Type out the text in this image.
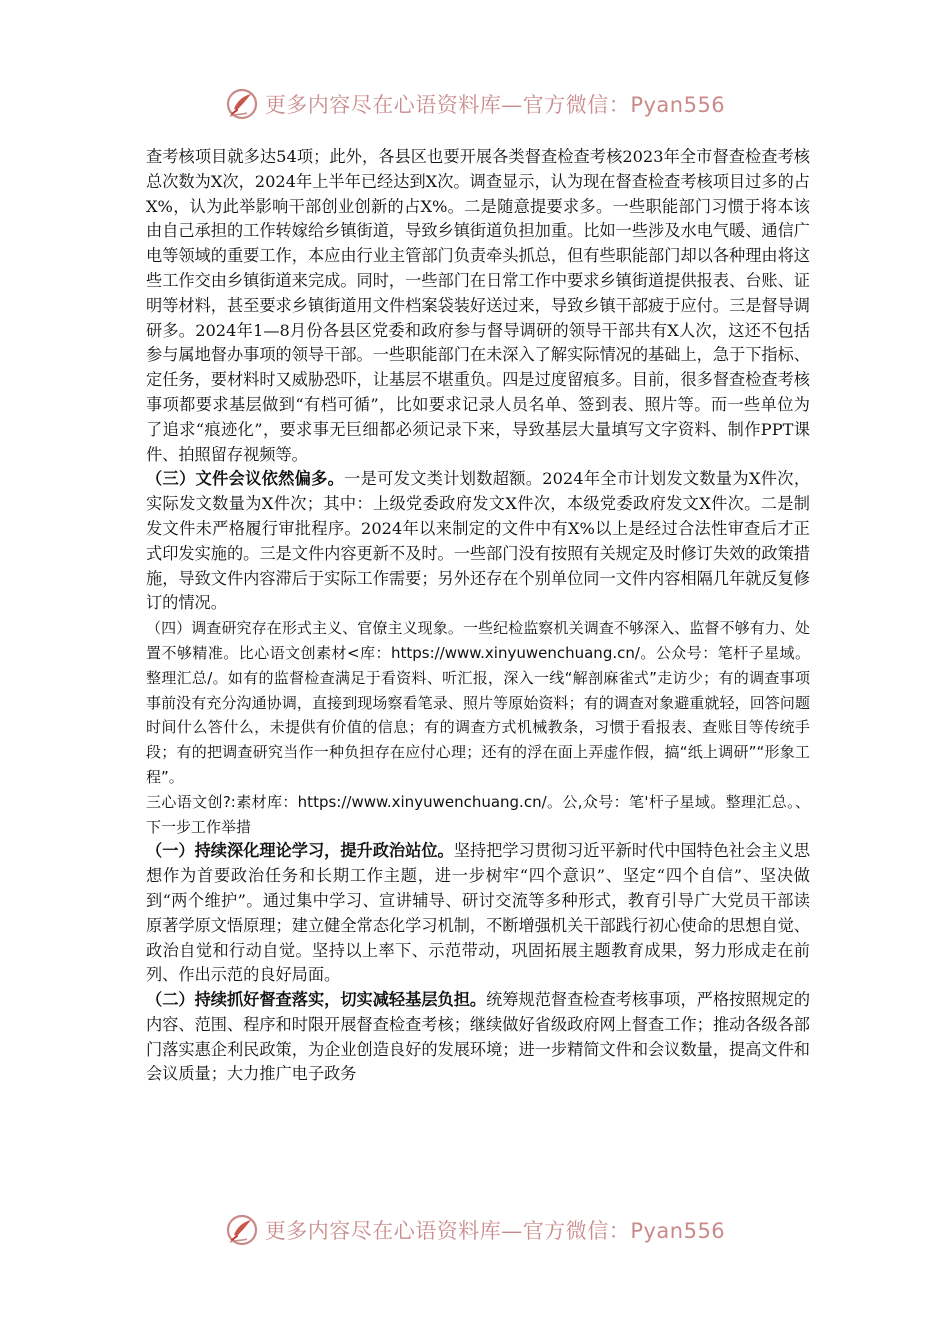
更多内容尽在心语资料库—官方微信：Pyan556

查考核项目就多达54项；此外，各县区也要开展各类督查检查考核2023年全市督查检查考核总次数为X次，2024年上半年已经达到X次。调查显示，认为现在督查检查考核项目过多的占X%，认为此举影响干部创业创新的占X%。二是随意提要求多。一些职能部门习惯于将本该由自己承担的工作转嫁给乡镇街道，导致乡镇街道负担加重。比如一些涉及水电气暖、通信广电等领域的重要工作，本应由行业主管部门负责牵头抓总，但有些职能部门却以各种理由将这些工作交由乡镇街道来完成。同时，一些部门在日常工作中要求乡镇街道提供报表、台账、证明等材料，甚至要求乡镇街道用文件档案袋装好送过来，导致乡镇干部疲于应付。三是督导调研多。2024年1—8月份各县区党委和政府参与督导调研的领导干部共有X人次，这还不包括参与属地督办事项的领导干部。一些职能部门在未深入了解实际情况的基础上，急于下指标、定任务，要材料时又威胁恐吓，让基层不堪重负。四是过度留痕多。目前，很多督查检查考核事项都要求基层做到“有档可循”，比如要求记录人员名单、签到表、照片等。而一些单位为了追求“痕迹化”，要求事无巨细都必须记录下来，导致基层大量填写文字资料、制作PPT课件、拍照留存视频等。

（三）文件会议依然偏多。一是可发文类计划数超额。2024年全市计划发文数量为X件次，实际发文数量为X件次；其中：上级党委政府发文X件次，本级党委政府发文X件次。二是制发文件未严格履行审批程序。2024年以来制定的文件中有X%以上是经过合法性审查后才正式印发实施的。三是文件内容更新不及时。一些部门没有按照有关规定及时修订失效的政策措施，导致文件内容滞后于实际工作需要；另外还存在个别单位同一文件内容相隔几年就反复修订的情况。

（四）调查研究存在形式主义、官僚主义现象。一些纪检监察机关调查不够深入、监督不够有力、处置不够精准。比心语文创素材<库：https://www.xinyuwenchuang.cn/。公众号：笔杆子星域。整理汇总/。如有的监督检查满足于看资料、听汇报，深入一线“解剖麻雀式”走访少；有的调查事项事前没有充分沟通协调，直接到现场察看笔录、照片等原始资料；有的调查对象避重就轻，回答问题时间什么答什么，未提供有价值的信息；有的调查方式机械教条，习惯于看报表、查账目等传统手段；有的把调查研究当作一种负担存在应付心理；还有的浮在面上弄虚作假，搞“纸上调研”“形象工程”。

三心语文创?:素材库：https://www.xinyuwenchuang.cn/。公,众号：笔'杆子星域。整理汇总。、下一步工作举措

（一）持续深化理论学习，提升政治站位。坚持把学习贯彻习近平新时代中国特色社会主义思想作为首要政治任务和长期工作主题，进一步树牢“四个意识”、坚定“四个自信”、坚决做到“两个维护”。通过集中学习、宣讲辅导、研讨交流等多种形式，教育引导广大党员干部读原著学原文悟原理；建立健全常态化学习机制，不断增强机关干部践行初心使命的思想自觉、政治自觉和行动自觉。坚持以上率下、示范带动，巩固拓展主题教育成果，努力形成走在前列、作出示范的良好局面。

（二）持续抓好督查落实，切实减轻基层负担。统筹规范督查检查考核事项，严格按照规定的内容、范围、程序和时限开展督查检查考核；继续做好省级政府网上督查工作；推动各级各部门落实惠企利民政策，为企业创造良好的发展环境；进一步精简文件和会议数量，提高文件和会议质量；大力推广电子政务

更多内容尽在心语资料库—官方微信：Pyan556
